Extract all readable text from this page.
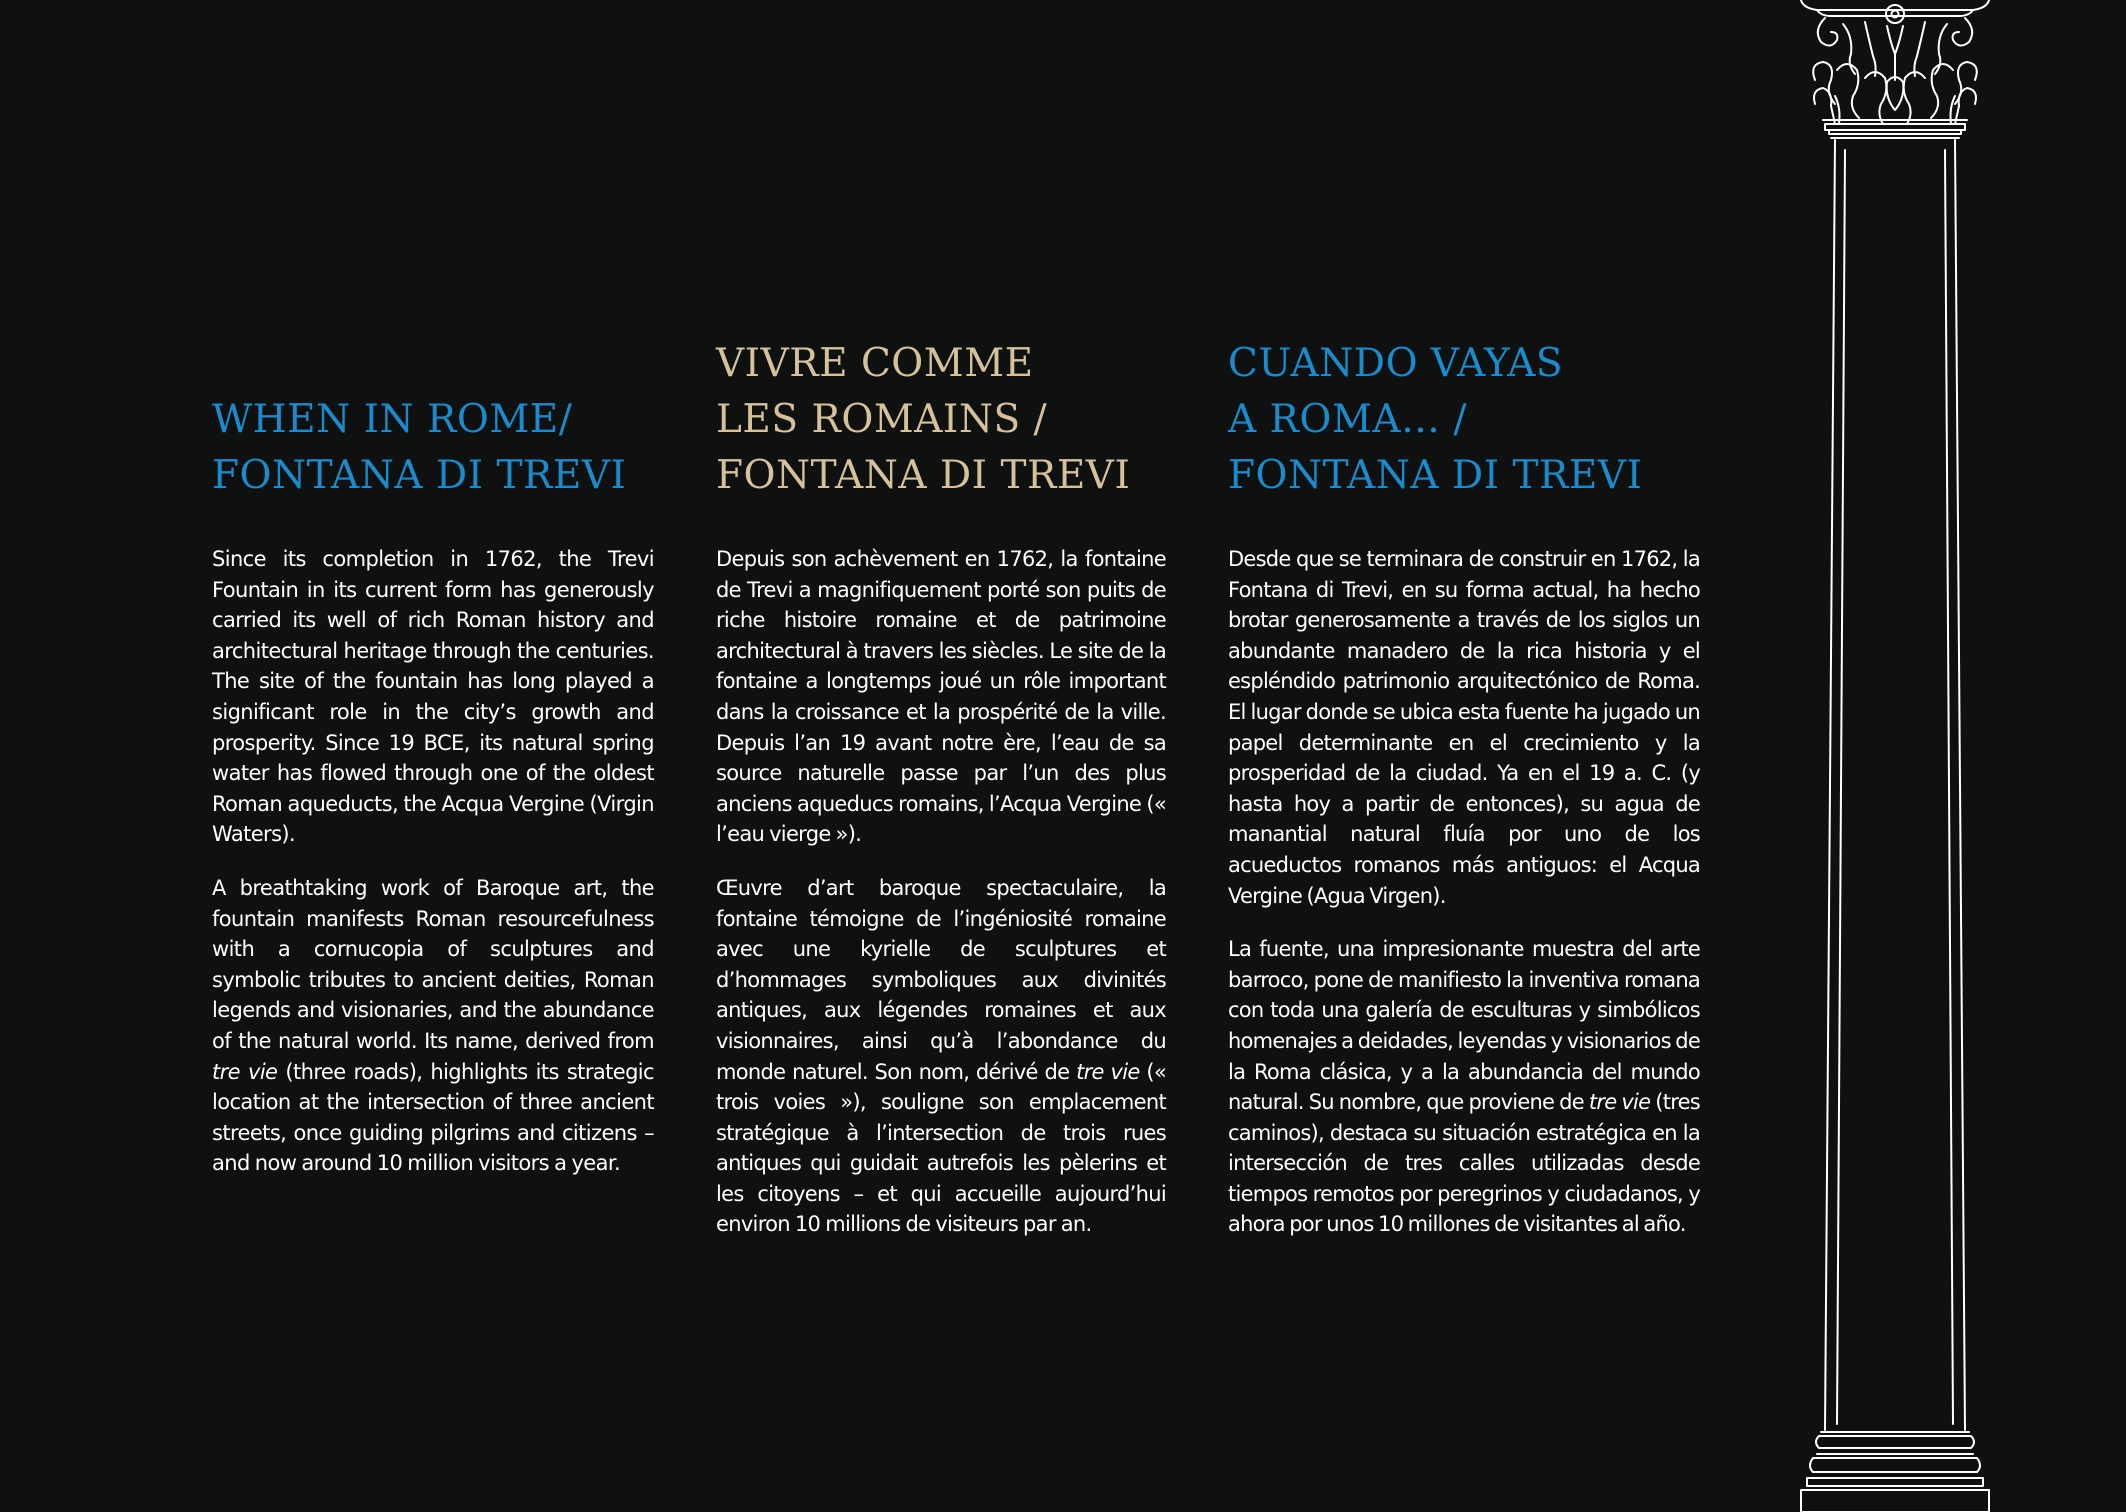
WHEN IN ROME/
FONTANA DI TREVI

Since its completion in 1762, the Trevi Fountain in its current form has generously carried its well of rich Roman history and architectural heritage through the centuries. The site of the fountain has long played a significant role in the city’s growth and prosperity. Since 19 BCE, its natural spring water has flowed through one of the oldest Roman aqueducts, the Acqua Vergine (Virgin Waters).

A breathtaking work of Baroque art, the fountain manifests Roman resourcefulness with a cornucopia of sculptures and symbolic tributes to ancient deities, Roman legends and visionaries, and the abundance of the natural world. Its name, derived from tre vie (three roads), highlights its strategic location at the intersection of three ancient streets, once guiding pilgrims and citizens – and now around 10 million visitors a year.

VIVRE COMME
LES ROMAINS /
FONTANA DI TREVI

Depuis son achèvement en 1762, la fontaine de Trevi a magnifiquement porté son puits de riche histoire romaine et de patrimoine architectural à travers les siècles. Le site de la fontaine a longtemps joué un rôle important dans la croissance et la prospérité de la ville. Depuis l’an 19 avant notre ère, l’eau de sa source naturelle passe par l’un des plus anciens aqueducs romains, l’Acqua Vergine (« l’eau vierge »).

Œuvre d’art baroque spectaculaire, la fontaine témoigne de l’ingéniosité romaine avec une kyrielle de sculptures et d’hommages symboliques aux divinités antiques, aux légendes romaines et aux visionnaires, ainsi qu’à l’abondance du monde naturel. Son nom, dérivé de tre vie (« trois voies »), souligne son emplacement stratégique à l’intersection de trois rues antiques qui guidait autrefois les pèlerins et les citoyens – et qui accueille aujourd’hui environ 10 millions de visiteurs par an.

CUANDO VAYAS
A ROMA… /
FONTANA DI TREVI

Desde que se terminara de construir en 1762, la Fontana di Trevi, en su forma actual, ha hecho brotar generosamente a través de los siglos un abundante manadero de la rica historia y el espléndido patrimonio arquitectónico de Roma. El lugar donde se ubica esta fuente ha jugado un papel determinante en el crecimiento y la prosperidad de la ciudad. Ya en el 19 a. C. (y hasta hoy a partir de entonces), su agua de manantial natural fluía por uno de los acueductos romanos más antiguos: el Acqua Vergine (Agua Virgen).

La fuente, una impresionante muestra del arte barroco, pone de manifiesto la inventiva romana con toda una galería de esculturas y simbólicos homenajes a deidades, leyendas y visionarios de la Roma clásica, y a la abundancia del mundo natural. Su nombre, que proviene de tre vie (tres caminos), destaca su situación estratégica en la intersección de tres calles utilizadas desde tiempos remotos por peregrinos y ciudadanos, y ahora por unos 10 millones de visitantes al año.
